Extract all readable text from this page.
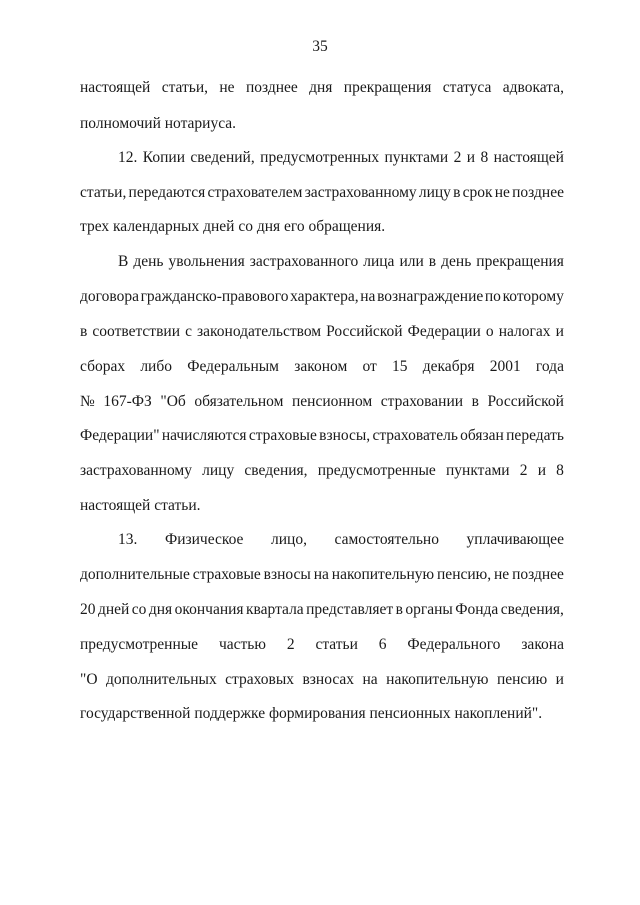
35
настоящей статьи, не позднее дня прекращения статуса адвоката,
полномочий нотариуса.
12. Копии сведений, предусмотренных пунктами 2 и 8 настоящей
статьи, передаются страхователем застрахованному лицу в срок не позднее
трех календарных дней со дня его обращения.
В день увольнения застрахованного лица или в день прекращения
договора гражданско-правового характера, на вознаграждение по которому
в соответствии с законодательством Российской Федерации о налогах и
сборах либо Федеральным законом от 15 декабря 2001 года
№ 167-ФЗ "Об обязательном пенсионном страховании в Российской
Федерации" начисляются страховые взносы, страхователь обязан передать
застрахованному лицу сведения, предусмотренные пунктами 2 и 8
настоящей статьи.
13. Физическое лицо, самостоятельно уплачивающее
дополнительные страховые взносы на накопительную пенсию, не позднее
20 дней со дня окончания квартала представляет в органы Фонда сведения,
предусмотренные частью 2 статьи 6 Федерального закона
"О дополнительных страховых взносах на накопительную пенсию и
государственной поддержке формирования пенсионных накоплений".
